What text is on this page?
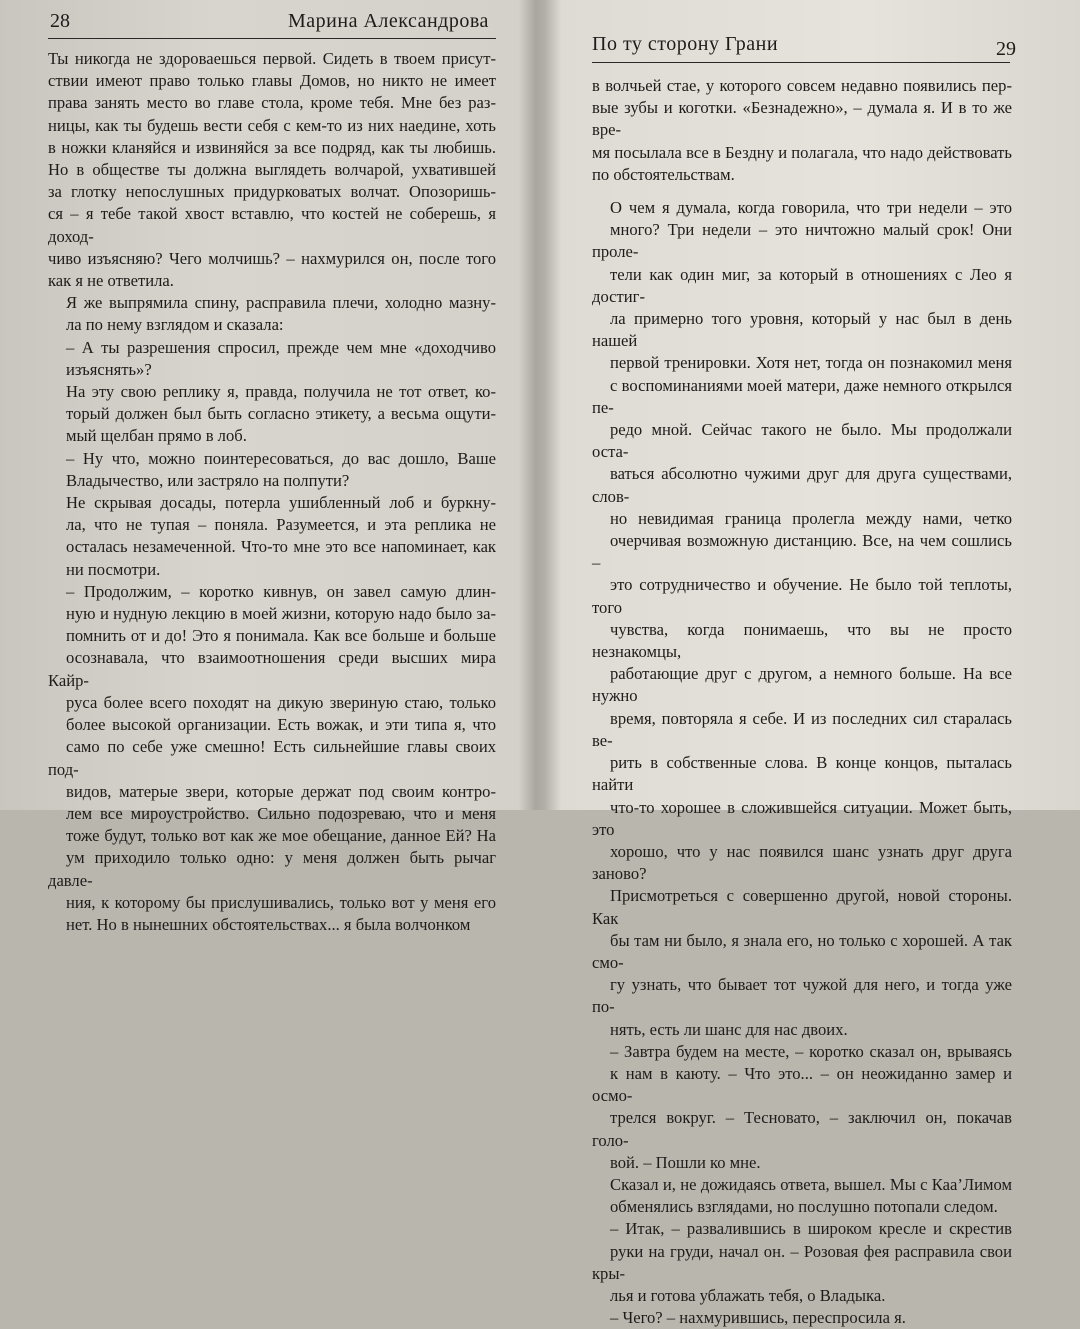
28	Марина Александрова

Ты никогда не здороваешься первой. Сидеть в твоем присут-
ствии имеют право только главы Домов, но никто не имеет
права занять место во главе стола, кроме тебя. Мне без раз-
ницы, как ты будешь вести себя с кем-то из них наедине, хоть
в ножки кланяйся и извиняйся за все подряд, как ты любишь.
Но в обществе ты должна выглядеть волчарой, ухватившей
за глотку непослушных придурковатых волчат. Опозоришь-
ся – я тебе такой хвост вставлю, что костей не соберешь, я доход-
чиво изъясняю? Чего молчишь? – нахмурился он, после того
как я не ответила.

Я же выпрямила спину, расправила плечи, холодно мазну-
ла по нему взглядом и сказала:

– А ты разрешения спросил, прежде чем мне «доходчиво
изъяснять»?

На эту свою реплику я, правда, получила не тот ответ, ко-
торый должен был быть согласно этикету, а весьма ощути-
мый щелбан прямо в лоб.

– Ну что, можно поинтересоваться, до вас дошло, Ваше
Владычество, или застряло на полпути?

Не скрывая досады, потерла ушибленный лоб и буркну-
ла, что не тупая – поняла. Разумеется, и эта реплика не
осталась незамеченной. Что-то мне это все напоминает, как
ни посмотри.

– Продолжим, – коротко кивнув, он завел самую длин-
ную и нудную лекцию в моей жизни, которую надо было за-
помнить от и до! Это я понимала. Как все больше и больше
осознавала, что взаимоотношения среди высших мира Кайр-
руса более всего походят на дикую звериную стаю, только
более высокой организации. Есть вожак, и эти типа я, что
само по себе уже смешно! Есть сильнейшие главы своих под-
видов, матерые звери, которые держат под своим контро-
лем все мироустройство. Сильно подозреваю, что и меня
тоже будут, только вот как же мое обещание, данное Ей? На
ум приходило только одно: у меня должен быть рычаг давле-
ния, к которому бы прислушивались, только вот у меня его
нет. Но в нынешних обстоятельствах... я была волчонком

По ту сторону Грани	29

в волчьей стае, у которого совсем недавно появились пер-
вые зубы и коготки. «Безнадежно», – думала я. И в то же вре-
мя посылала все в Бездну и полагала, что надо действовать
по обстоятельствам.

О чем я думала, когда говорила, что три недели – это
много? Три недели – это ничтожно малый срок! Они проле-
тели как один миг, за который в отношениях с Лео я достиг-
ла примерно того уровня, который у нас был в день нашей
первой тренировки. Хотя нет, тогда он познакомил меня
с воспоминаниями моей матери, даже немного открылся пе-
редо мной. Сейчас такого не было. Мы продолжали оста-
ваться абсолютно чужими друг для друга существами, слов-
но невидимая граница пролегла между нами, четко
очерчивая возможную дистанцию. Все, на чем сошлись –
это сотрудничество и обучение. Не было той теплоты, того
чувства, когда понимаешь, что вы не просто незнакомцы,
работающие друг с другом, а немного больше. На все нужно
время, повторяла я себе. И из последних сил старалась ве-
рить в собственные слова. В конце концов, пыталась найти
что-то хорошее в сложившейся ситуации. Может быть, это
хорошо, что у нас появился шанс узнать друг друга заново?
Присмотреться с совершенно другой, новой стороны. Как
бы там ни было, я знала его, но только с хорошей. А так смо-
гу узнать, что бывает тот чужой для него, и тогда уже по-
нять, есть ли шанс для нас двоих.

– Завтра будем на месте, – коротко сказал он, врываясь
к нам в каюту. – Что это... – он неожиданно замер и осмо-
трелся вокруг. – Тесновато, – заключил он, покачав голо-
вой. – Пошли ко мне.

Сказал и, не дожидаясь ответа, вышел. Мы с Каа’Лимом
обменялись взглядами, но послушно потопали следом.

– Итак, – развалившись в широком кресле и скрестив
руки на груди, начал он. – Розовая фея расправила свои кры-
лья и готова ублажать тебя, о Владыка.

– Чего? – нахмурившись, переспросила я.
